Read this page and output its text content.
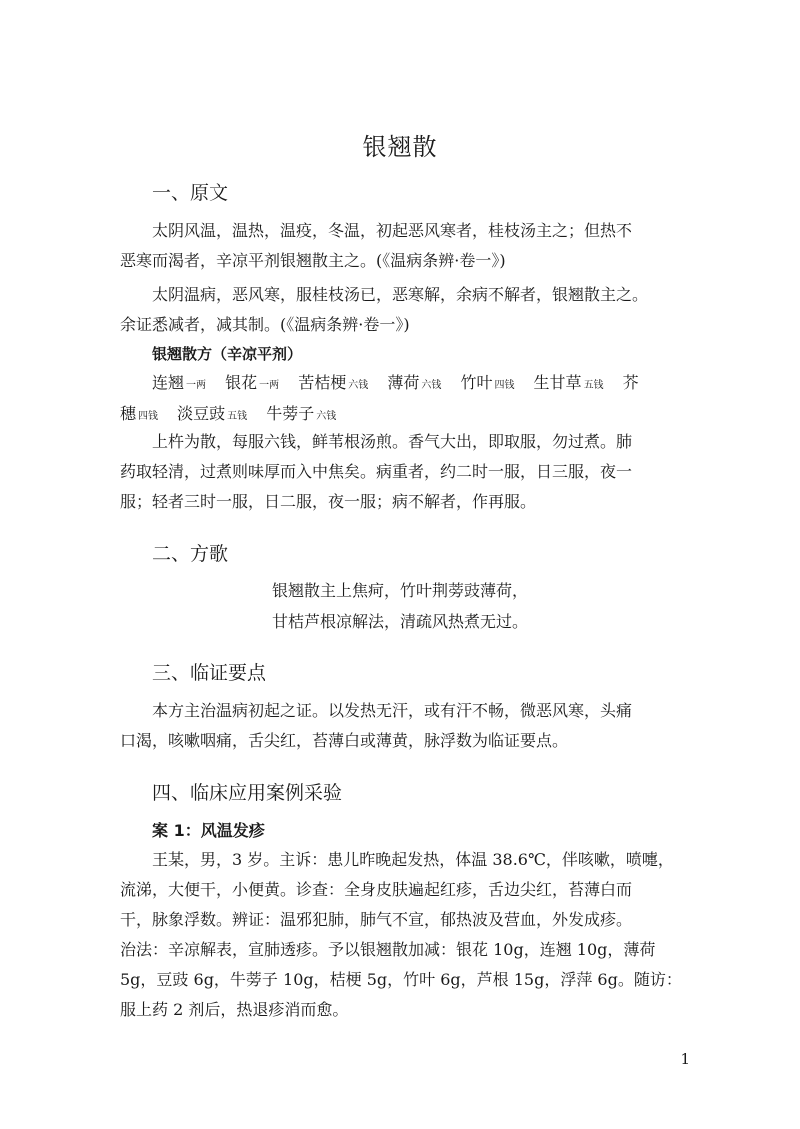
银翘散
一、原文
太阴风温，温热，温疫，冬温，初起恶风寒者，桂枝汤主之；但热不
恶寒而渴者，辛凉平剂银翘散主之。(《温病条辨·卷一》)
太阴温病，恶风寒，服桂枝汤已，恶寒解，余病不解者，银翘散主之。
余证悉减者，减其制。(《温病条辨·卷一》)
银翘散方（辛凉平剂）
连翘 一两 银花 一两 苦桔梗 六钱 薄荷 六钱 竹叶 四钱 生甘草 五钱 芥
穗四钱 淡豆豉 五钱 牛蒡子 六钱
上杵为散，每服六钱，鲜苇根汤煎。香气大出，即取服，勿过煮。肺
药取轻清，过煮则味厚而入中焦矣。病重者，约二时一服，日三服，夜一
服；轻者三时一服，日二服，夜一服；病不解者，作再服。
二、方歌
银翘散主上焦疴，竹叶荆蒡豉薄荷，
甘桔芦根凉解法，清疏风热煮无过。
三、临证要点
本方主治温病初起之证。以发热无汗，或有汗不畅，微恶风寒，头痛
口渴，咳嗽咽痛，舌尖红，苔薄白或薄黄，脉浮数为临证要点。
四、临床应用案例采验
案 1：风温发疹
王某，男，3 岁。主诉：患儿昨晚起发热，体温 38.6℃，伴咳嗽，喷嚏，
流涕，大便干，小便黄。诊查：全身皮肤遍起红疹，舌边尖红，苔薄白而
干，脉象浮数。辨证：温邪犯肺，肺气不宣，郁热波及营血，外发成疹。
治法：辛凉解表，宣肺透疹。予以银翘散加减：银花 10g，连翘 10g，薄荷
5g，豆豉 6g，牛蒡子 10g，桔梗 5g，竹叶 6g，芦根 15g，浮萍 6g。随访：
服上药 2 剂后，热退疹消而愈。
1
